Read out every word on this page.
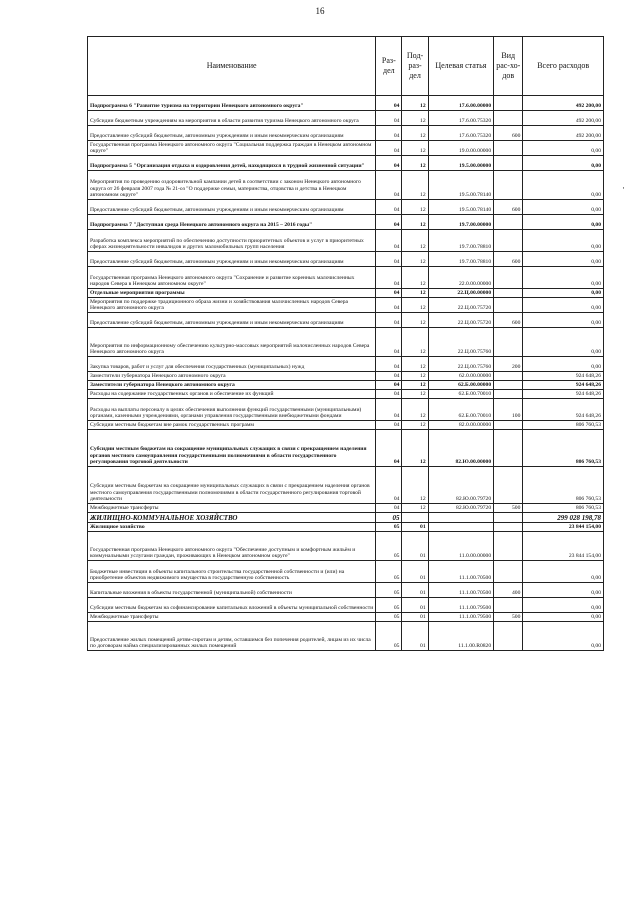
16
Наименование	Раз-дел	Под-раз-дел	Целевая статья	Вид рас-хо-дов	Всего расходов
Подпрограмма 6 "Развитие туризма на территории Ненецкого автономного округа"	04	12	17.6.00.00000		492 200,00
Субсидии бюджетным учреждениям на мероприятия в области развития туризма Ненецкого автономного округа	04	12	17.6.00.75320		492 200,00
Предоставление субсидий бюджетным, автономным учреждениям и иным некоммерческим организациям	04	12	17.6.00.75320	600	492 200,00
Государственная программа Ненецкого автономного округа "Социальная поддержка граждан в Ненецком автономном округе"	04	12	19.0.00.00000		0,00
Подпрограмма 5 "Организация отдыха и оздоровления детей, находящихся в трудной жизненной ситуации"	04	12	19.5.00.00000		0,00
Мероприятия по проведению оздоровительной кампании детей в соответствии с законом Ненецкого автономного округа от 26 февраля 2007 года № 21-оз "О поддержке семьи, материнства, отцовства и детства в Ненецком автономном округе"	04	12	19.5.00.78140		0,00
Предоставление субсидий бюджетным, автономным учреждениям и иным некоммерческим организациям	04	12	19.5.00.78140	600	0,00
Подпрограмма 7 "Доступная среда Ненецкого автономного округа на 2015 – 2016 годы"	04	12	19.7.00.00000		0,00
Разработка комплекса мероприятий по обеспечению доступности приоритетных объектов и услуг в приоритетных сферах жизнедеятельности инвалидов и других маломобильных групп населения	04	12	19.7.00.78810		0,00
Предоставление субсидий бюджетным, автономным учреждениям и иным некоммерческим организациям	04	12	19.7.00.78810	600	0,00
Государственная программа Ненецкого автономного округа "Сохранение и развитие коренных малочисленных народов Севера в Ненецком автономном округе"	04	12	22.0.00.00000		0,00
Отдельные мероприятия программы	04	12	22.Ц.00.00000		0,00
Мероприятия по поддержке традиционного образа жизни и хозяйствования малочисленных народов Севера Ненецкого автономного округа	04	12	22.Ц.00.75720		0,00
Предоставление субсидий бюджетным, автономным учреждениям и иным некоммерческим организациям	04	12	22.Ц.00.75720	600	0,00
Мероприятия по информационному обеспечению культурно-массовых мероприятий малочисленных народов Севера Ненецкого автономного округа	04	12	22.Ц.00.75760		0,00
Закупка товаров, работ и услуг для обеспечения государственных (муниципальных) нужд	04	12	22.Ц.00.75760	200	0,00
Заместители губернатора Ненецкого автономного округа	04	12	62.0.00.00000		924 648,26
Заместители губернатора Ненецкого автономного округа	04	12	62.Б.00.00000		924 648,26
Расходы на содержание государственных органов и обеспечение их функций	04	12	62.Б.00.70010		924 648,26
Расходы на выплаты персоналу в целях обеспечения выполнения функций государственными (муниципальными) органами, казенными учреждениями, органами управления государственными внебюджетными фондами	04	12	62.Б.00.70010	100	924 648,26
Субсидии местным бюджетам вне рамок государственных программ	04	12	82.0.00.00000		806 760,53
Субсидии местным бюджетам на сокращение муниципальных служащих в связи с прекращением наделения органов местного самоуправления государственными полномочиями в области государственного регулирования торговой деятельности	04	12	82.Ю.00.00000		806 760,53
Субсидии местным бюджетам на сокращение муниципальных служащих в связи с прекращением наделения органов местного самоуправления государственными полномочиями в области государственного регулирования торговой деятельности	04	12	82.Ю.00.79720		806 760,53
Межбюджетные трансферты	04	12	82.Ю.00.79720	500	806 760,53
ЖИЛИЩНО-КОММУНАЛЬНОЕ ХОЗЯЙСТВО	05				299 028 198,78
Жилищное хозяйство	05	01			23 844 154,00
Государственная программа Ненецкого автономного округа "Обеспечение доступным и комфортным жильём и коммунальными услугами граждан, проживающих в Ненецком автономном округе"	05	01	11.0.00.00000		23 844 154,00
Бюджетные инвестиции в объекты капитального строительства государственной собственности и (или) на приобретение объектов недвижимого имущества в государственную собственность	05	01	11.1.00.70500		0,00
Капитальные вложения в объекты государственной (муниципальной) собственности	05	01	11.1.00.70500	400	0,00
Субсидии местным бюджетам на софинансирование капитальных вложений в объекты муниципальной собственности	05	01	11.1.00.79500		0,00
Межбюджетные трансферты	05	01	11.1.00.79500	500	0,00
Предоставление жилых помещений детям-сиротам и детям, оставшимся без попечения родителей, лицам из их числа по договорам найма специализированных жилых помещений	05	01	11.1.00.R0820		0,00
·
